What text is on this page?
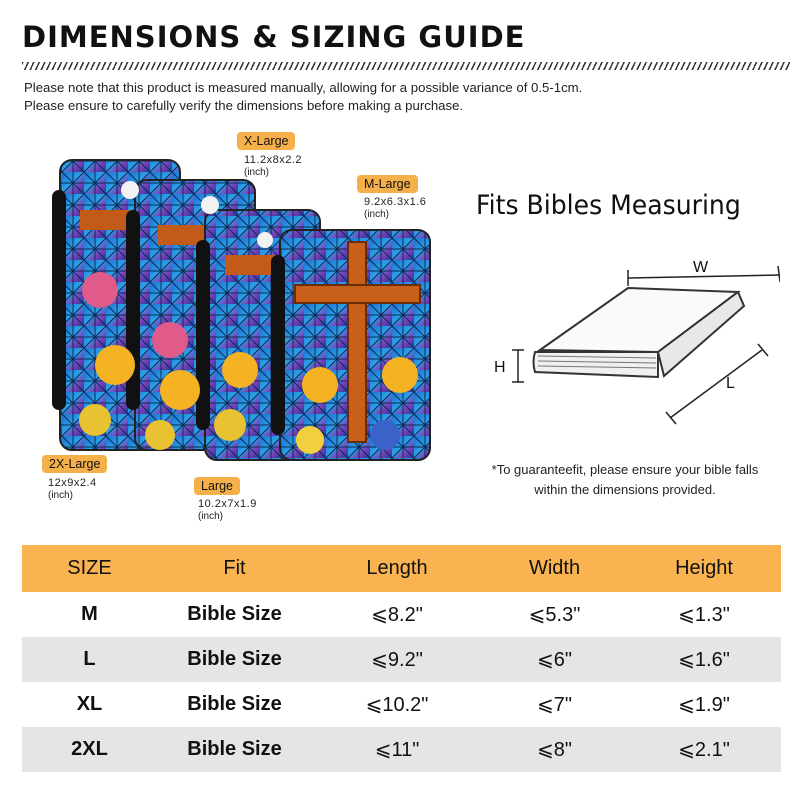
DIMENSIONS & SIZING GUIDE
Please note that this product is measured manually, allowing for a possible variance of 0.5-1cm.
Please ensure to carefully verify the dimensions before making a purchase.
X-Large
11.2x8x2.2
(inch)
M-Large
9.2x6.3x1.6
(inch)
2X-Large
12x9x2.4
(inch)
Large
10.2x7x1.9
(inch)
Fits Bibles Measuring
W
H
L
*To guaranteefit, please ensure your bible falls
within the dimensions provided.
SIZE	Fit	Length	Width	Height
M	Bible Size	⩽8.2"	⩽5.3"	⩽1.3"
L	Bible Size	⩽9.2"	⩽6"	⩽1.6"
XL	Bible Size	⩽10.2"	⩽7"	⩽1.9"
2XL	Bible Size	⩽11"	⩽8"	⩽2.1"
